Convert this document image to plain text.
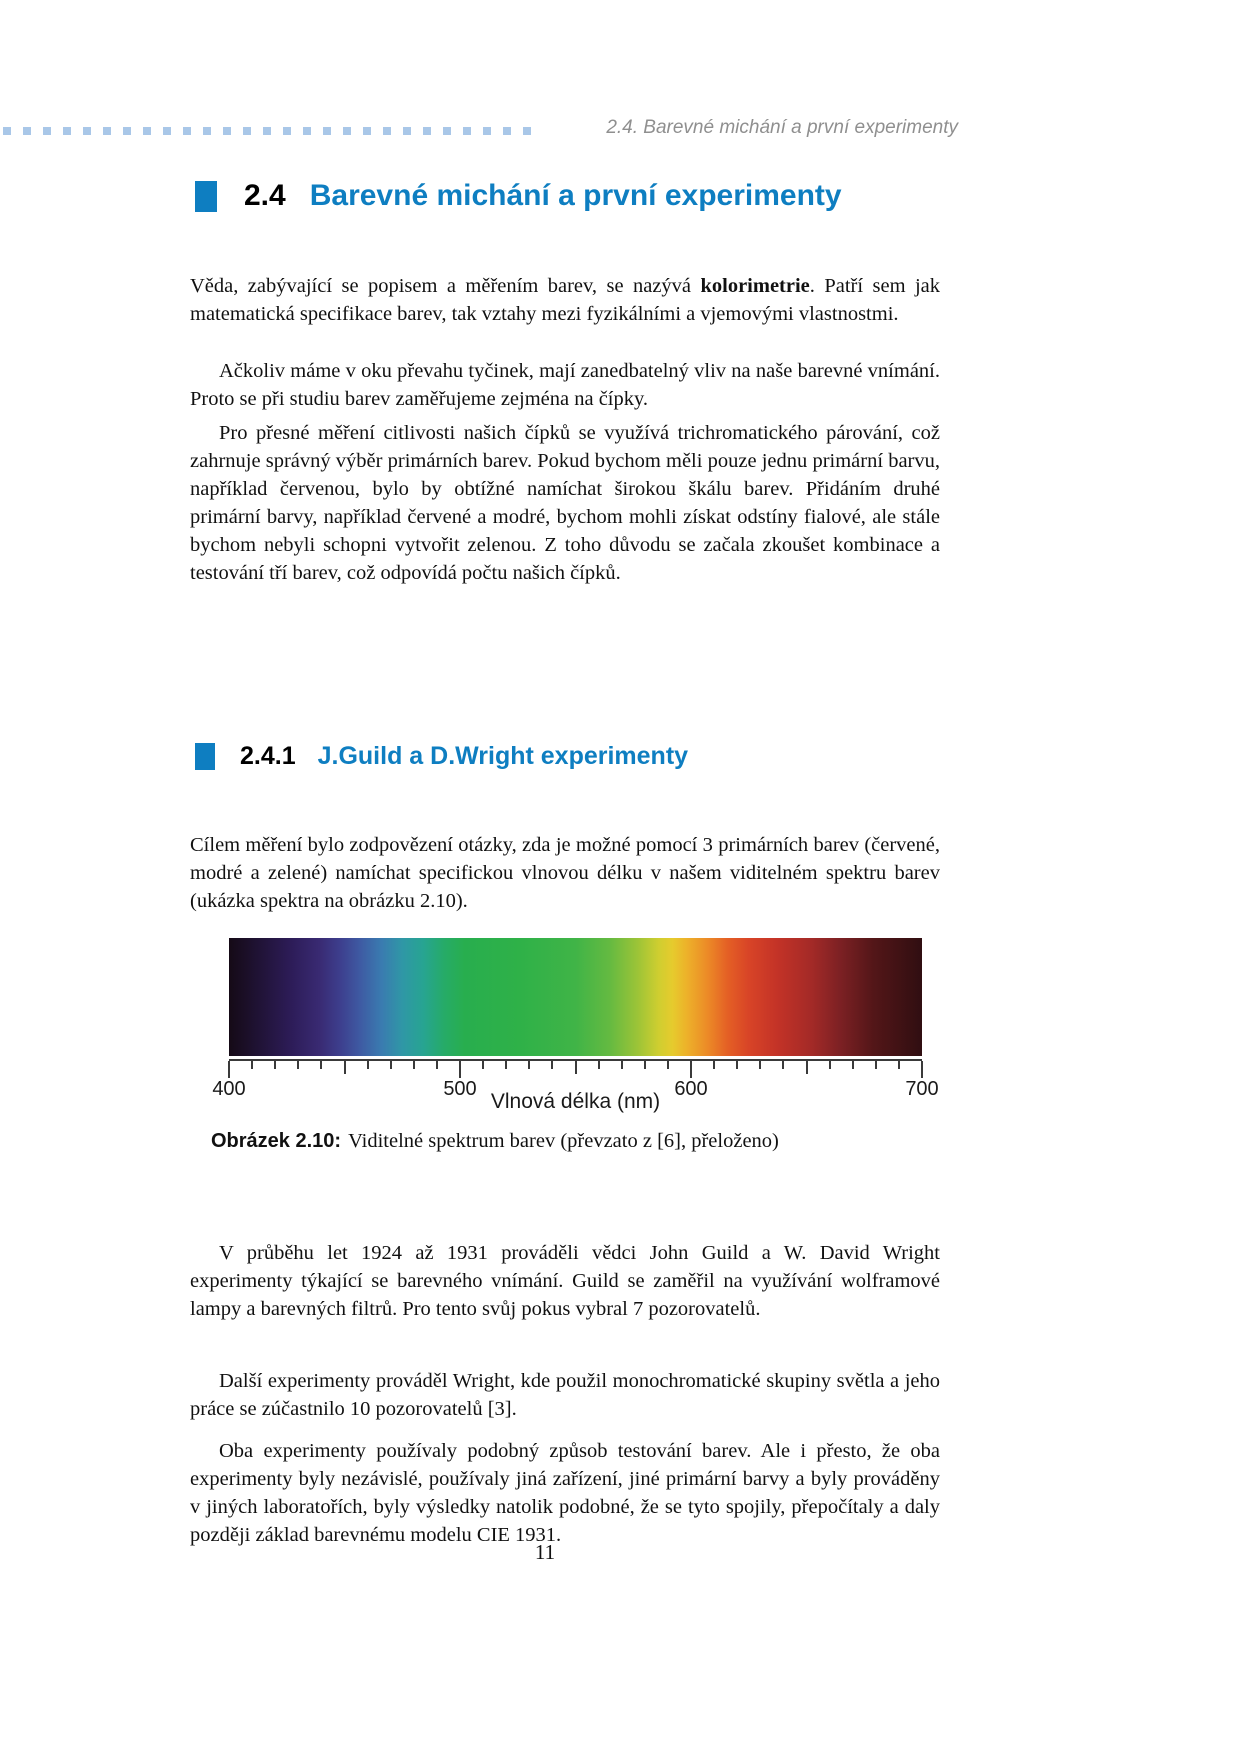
2.4. Barevné michání a první experimenty
2.4 Barevné michání a první experimenty

Věda, zabývající se popisem a měřením barev, se nazývá kolorimetrie. Patří sem jak matematická specifikace barev, tak vztahy mezi fyzikálními a vjemovými vlastnostmi.

Ačkoliv máme v oku převahu tyčinek, mají zanedbatelný vliv na naše barevné vnímání. Proto se při studiu barev zaměřujeme zejména na čípky.

Pro přesné měření citlivosti našich čípků se využívá trichromatického párování, což zahrnuje správný výběr primárních barev. Pokud bychom měli pouze jednu primární barvu, například červenou, bylo by obtížné namíchat širokou škálu barev. Přidáním druhé primární barvy, například červené a modré, bychom mohli získat odstíny fialové, ale stále bychom nebyli schopni vytvořit zelenou. Z toho důvodu se začala zkoušet kombinace a testování tří barev, což odpovídá počtu našich čípků.

2.4.1 J.Guild a D.Wright experimenty

Cílem měření bylo zodpovězení otázky, zda je možné pomocí 3 primárních barev (červené, modré a zelené) namíchat specifickou vlnovou délku v našem viditelném spektru barev (ukázka spektra na obrázku 2.10).

400	500	600	700
Vlnová délka (nm)
Obrázek 2.10: Viditelné spektrum barev (převzato z [6], přeloženo)

V průběhu let 1924 až 1931 prováděli vědci John Guild a W. David Wright experimenty týkající se barevného vnímání. Guild se zaměřil na využívání wolframové lampy a barevných filtrů. Pro tento svůj pokus vybral 7 pozorovatelů.

Další experimenty prováděl Wright, kde použil monochromatické skupiny světla a jeho práce se zúčastnilo 10 pozorovatelů [3].

Oba experimenty používaly podobný způsob testování barev. Ale i přesto, že oba experimenty byly nezávislé, používaly jiná zařízení, jiné primární barvy a byly prováděny v jiných laboratořích, byly výsledky natolik podobné, že se tyto spojily, přepočítaly a daly později základ barevnému modelu CIE 1931.

11
